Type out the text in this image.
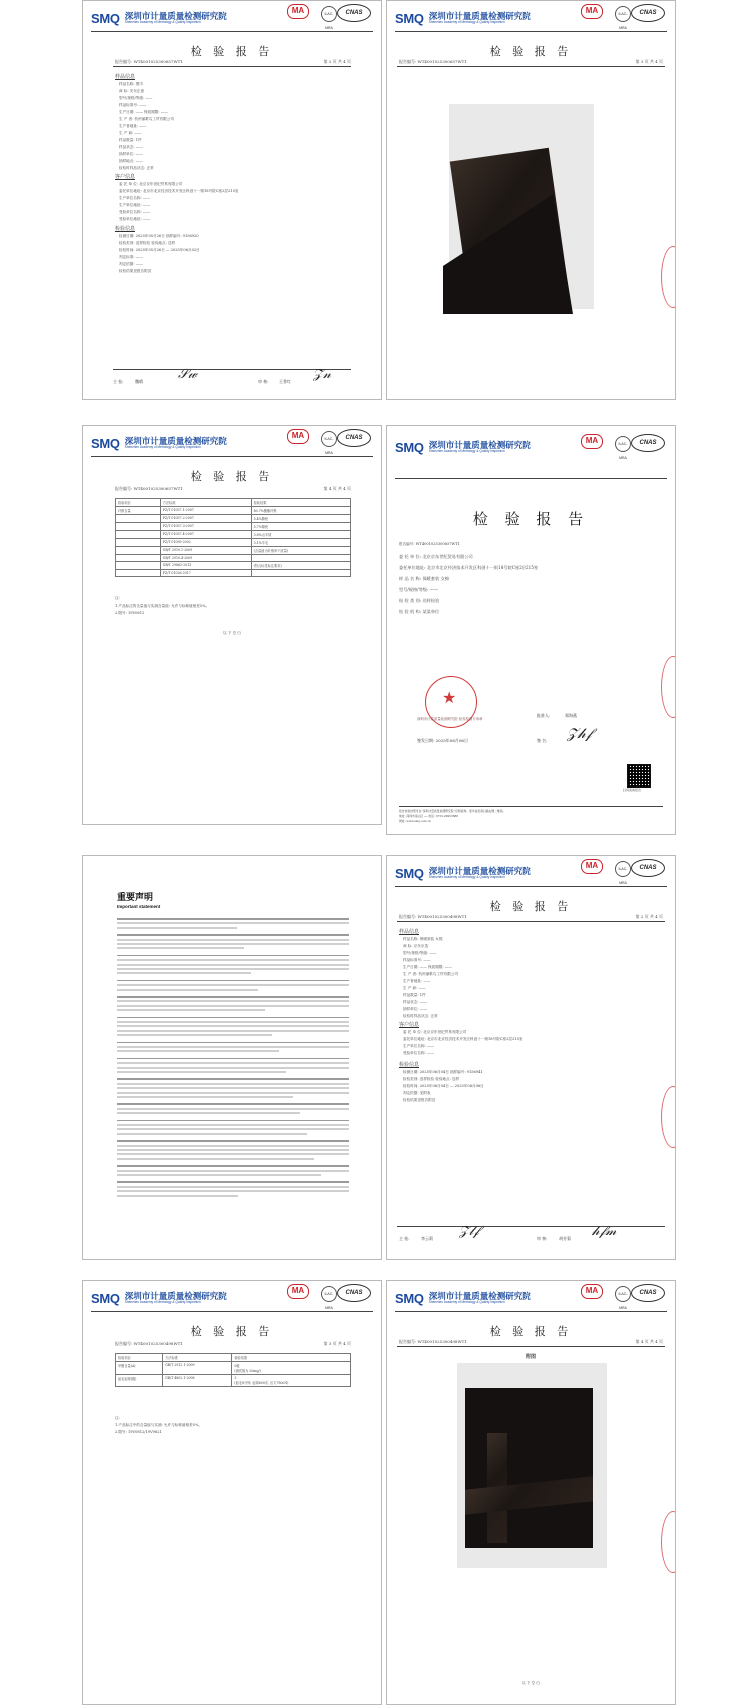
SMQ 深圳市计量质量检测研究院
Shenzhen Academy of Metrology & Quality Inspection
MA	ILAC-MRA
CNAS
检 验 报 告
报告编号: WT4001025300657WT1	第 2 页 共 4 页
样品信息
样品名称: 围巾
商 标: 安东正意
型号/规格/等级: ——
样品标准号: ——
生产日期: —— 保质期限: ——
生 产 者: 杭州丽歌鸟工贸有限公司
生产者地址: ——
生 产 商: ——
样品数量: 1件
样品状态: ——
抽样单位: ——
抽样地点: ——
检验时样品状态: 正常
委 托 单 位: 北京京东世纪贸易有限公司
委托单位地址: 北京市北京经济技术开发区科创十一街18号院C座2层215室
生产单位名称: ——
生产单位地址: ——
受检单位名称: ——
受检单位地址: ——
检测日期: 2025年05月26日 抽样编号: 9156920
检验类别: 送样检验 检验地点: 送样
检验时间: 2025年05月26日 — 2025年06月02日
判定标准: ——
判定依据: ——
检验结果见报告附页
客户信息
检验信息
主 检:	魏晴	𝒮𝓌	审 核:	王普红 𝒵𝓃
SMQ 深圳市计量质量检测研究院
Shenzhen Academy of Metrology & Quality Inspection
MA	ILAC-MRA
CNAS
检 验 报 告
报告编号: WT4001025300657WT1	第 3 页 共 4 页
SMQ 深圳市计量质量检测研究院
Shenzhen Academy of Metrology & Quality Inspection
MA	ILAC-MRA
CNAS
检 验 报 告
报告编号: WT4001025300657WT1	第 4 页 共 4 页
检验项目	方法标准	检验结果
纤维含量	FZ/T 01057.1-2007	80.7%聚酯纤维
	FZ/T 01057.2-2007	5.4%腈纶
	FZ/T 01057.3-2007	5.7%锦纶
	FZ/T 01057.4-2007	3.8%山羊绒
	FZ/T 01095-2002	3.1%羊毛
	GB/T 2910.1-2009	(含量值为纤维净干质量)
	GB/T 2910.4-2009	
	GB/T 29862-2013	(符合标签标注要求)
	FZ/T 01026-2017	
注:
1.产品标注的含量值与实测含量值: 允许与标称值相差5%。
2.限号: 19V0812
以 下 空 白
SMQ 深圳市计量质量检测研究院
Shenzhen Academy of Metrology & Quality Inspection
MA	ILAC-MRA
CNAS
检 验 报 告
报告编号: WT4001025300657WT1
委 托 单 位: 北京京东世纪贸易有限公司
委托单位地址: 北京市北京经济技术开发区科创十一街18号院C座2层215室
样 品 名 称: 保暖套装 女棉
型号/规格/等级: ——
检 验 类 别: 送样检验
检 验 机 构: 某某单位
★
深圳市计量质量检测研究院 检验检测专用章
批准人:	郑海燕
签发日期: 2025年06月06日	签 名: 𝒵𝒽𝒻
扫码查看报告
报告检验结果可在“深圳计量质量检测研究院”官网查询。更多信息请扫描右侧二维码。
地址: 深圳市南山区 ── 电话: 0755-29953688
网址: www.smq.com.cn
重要声明
Important statement
SMQ 深圳市计量质量检测研究院
Shenzhen Academy of Metrology & Quality Inspection
MA	ILAC-MRA
CNAS
检 验 报 告
报告编号: WT4001025300498WT1	第 2 页 共 4 页
样品信息
样品名称: 保暖套装 女棉
商 标: 京东京造
型号/规格/等级: ——
样品标准号: ——
生产日期: —— 保质期限: ——
生 产 者: 杭州丽歌鸟工贸有限公司
生产者地址: ——
生 产 商: ——
样品数量: 1件
样品状态: ——
抽样单位: ——
检验时样品状态: 正常
委 托 单 位: 北京京东世纪贸易有限公司
委托单位地址: 北京市北京经济技术开发区科创十一街18号院C座2层215室
生产单位名称: ——
受检单位名称: ——
检测日期: 2025年06月04日 抽样编号: 9156941
检验类别: 送样检验 检验地点: 送样
检验时间: 2025年06月04日 — 2025年06月06日
判定依据: 见附表
检验结果见报告附页
客户信息
检验信息
主 检:	李云莉 𝒵𝓁𝒻	审 核:	胡芳菊 𝒽𝒻𝓂
SMQ 深圳市计量质量检测研究院
Shenzhen Academy of Metrology & Quality Inspection
MA	ILAC-MRA
CNAS
检 验 报 告
报告编号: WT4001025300498WT1	第 3 页 共 4 页
检验项目	方法标准	检验结果
甲醛含量(A)	GB/T 2912.1-2009	0级
(测试值为 20mg/)

起毛起球(级)	GB/T 4802.1-2008	3
(起毛8分钟, 起球600次, 压力780cN)
注:
1.产品标注中的含量值与实测: 允许与标称值相差5%。
2.限号: 19V0812/19V9821
SMQ 深圳市计量质量检测研究院
Shenzhen Academy of Metrology & Quality Inspection
MA	ILAC-MRA
CNAS
检 验 报 告
报告编号: WT4001025300498WT1	第 4 页 共 4 页
附图
以 下 空 白
